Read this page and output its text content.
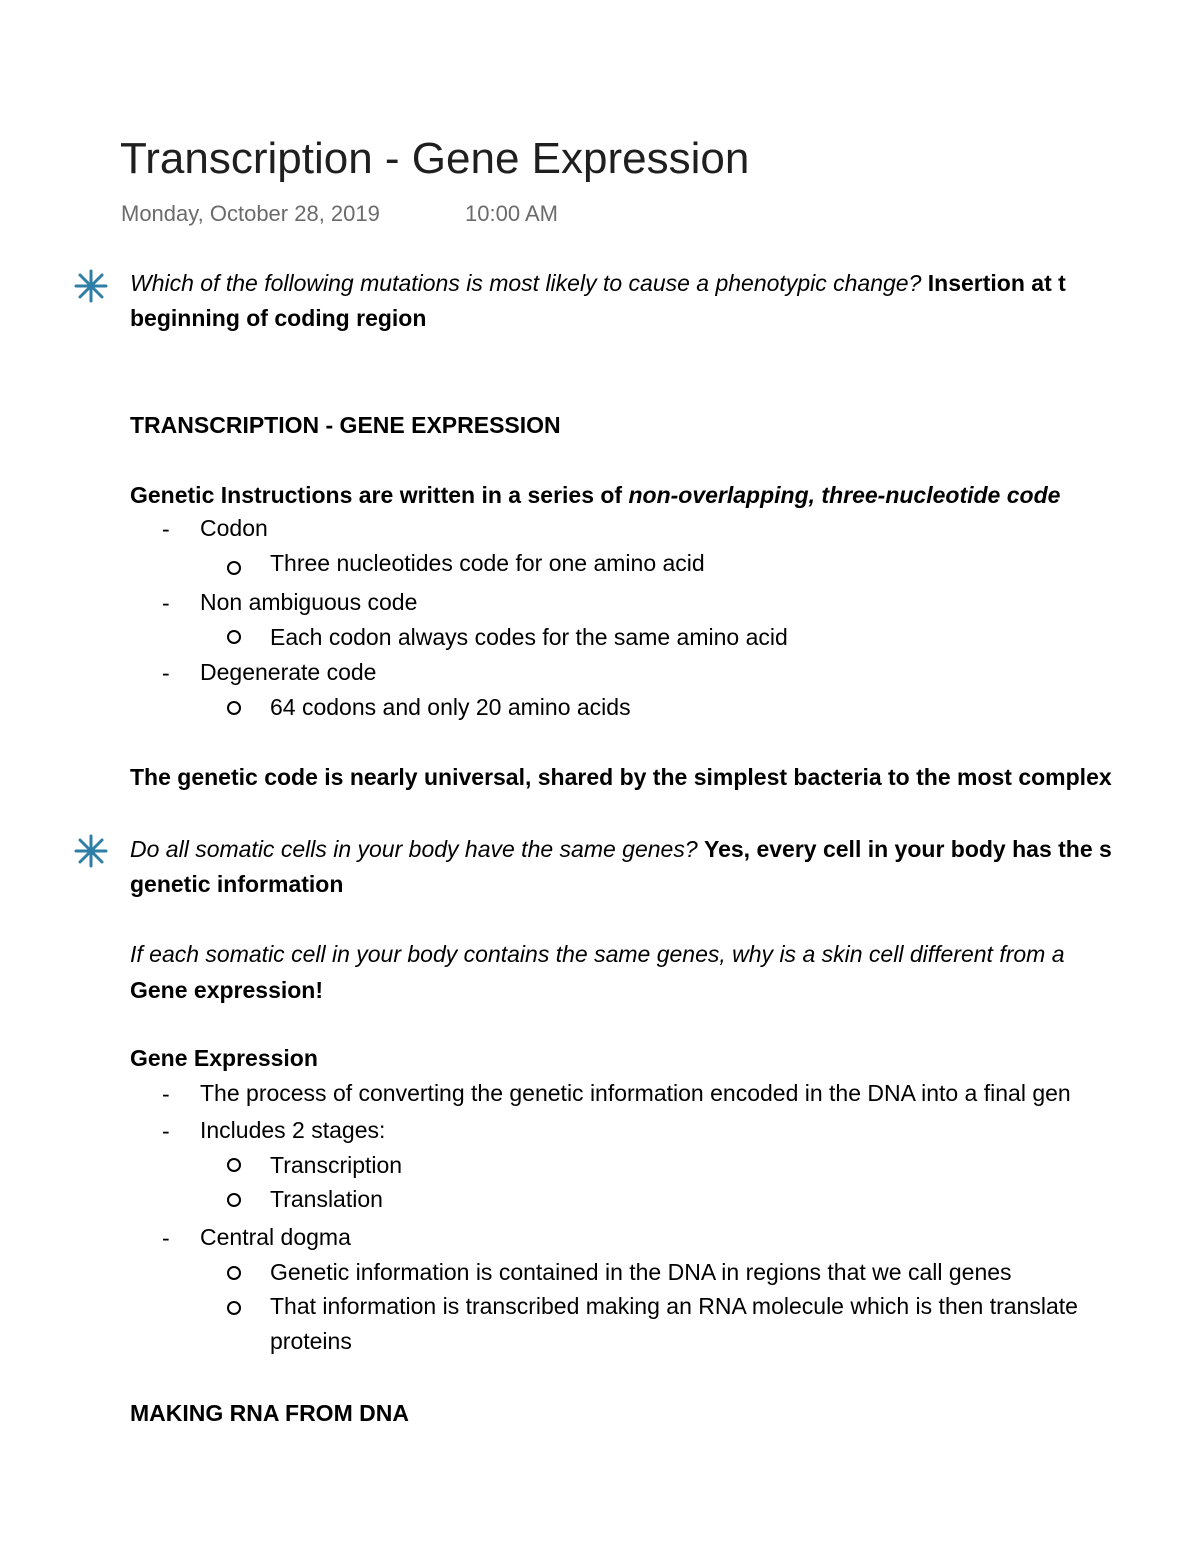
Transcription - Gene Expression
Monday, October 28, 2019	10:00 AM
Which of the following mutations is most likely to cause a phenotypic change? Insertion at t
beginning of coding region
TRANSCRIPTION - GENE EXPRESSION
Genetic Instructions are written in a series of non-overlapping, three-nucleotide code
- Codon
Three nucleotides code for one amino acid
- Non ambiguous code
Each codon always codes for the same amino acid
- Degenerate code
64 codons and only 20 amino acids
The genetic code is nearly universal, shared by the simplest bacteria to the most complex
Do all somatic cells in your body have the same genes? Yes, every cell in your body has the s
genetic information
If each somatic cell in your body contains the same genes, why is a skin cell different from a
Gene expression!
Gene Expression
- The process of converting the genetic information encoded in the DNA into a final gen
- Includes 2 stages:
Transcription
Translation
- Central dogma
Genetic information is contained in the DNA in regions that we call genes
That information is transcribed making an RNA molecule which is then translate
proteins
MAKING RNA FROM DNA
